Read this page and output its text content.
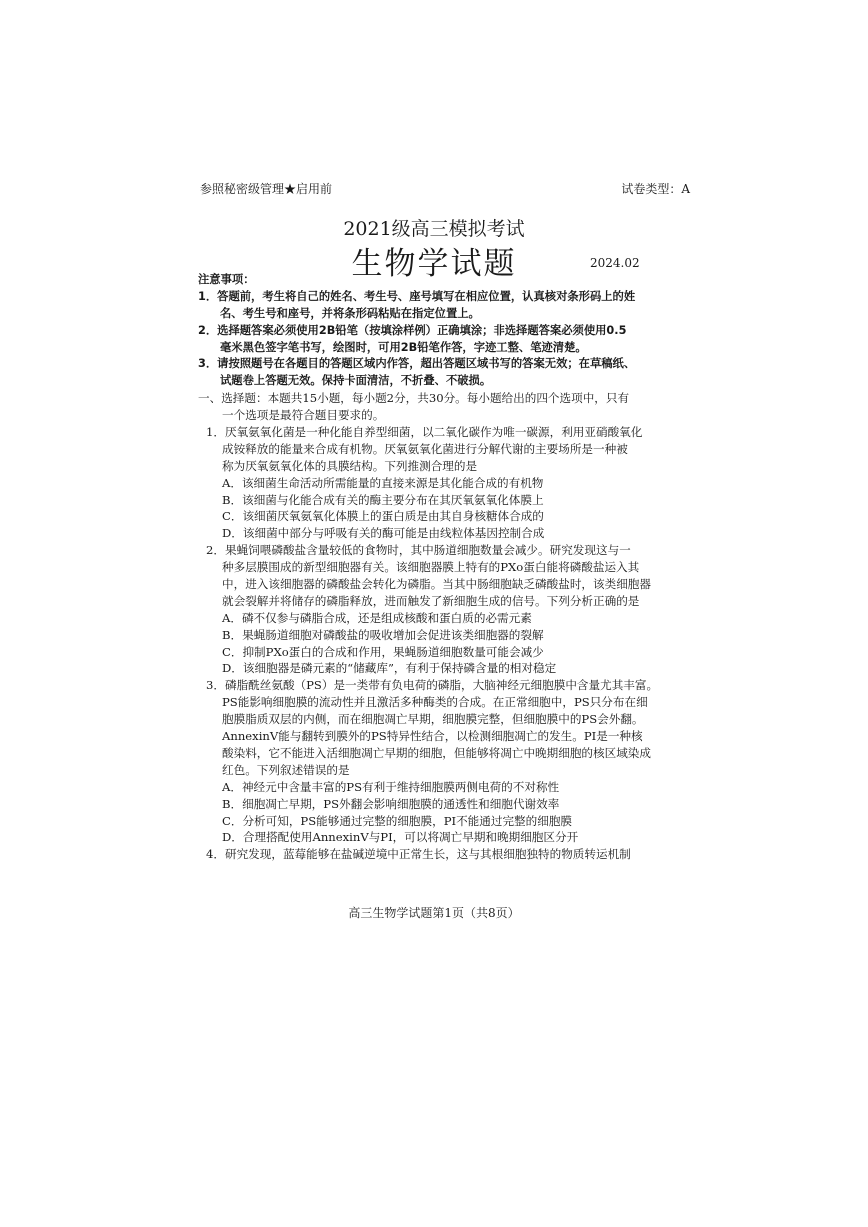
参照秘密级管理★启用前	试卷类型：A
2021级高三模拟考试
生物学试题	2024.02
注意事项：
1．答题前，考生将自己的姓名、考生号、座号填写在相应位置，认真核对条形码上的姓
名、考生号和座号，并将条形码粘贴在指定位置上。
2．选择题答案必须使用2B铅笔（按填涂样例）正确填涂；非选择题答案必须使用0.5
毫米黑色签字笔书写，绘图时，可用2B铅笔作答，字迹工整、笔迹清楚。
3．请按照题号在各题目的答题区域内作答，超出答题区域书写的答案无效；在草稿纸、
试题卷上答题无效。保持卡面清洁，不折叠、不破损。
一、选择题：本题共15小题，每小题2分，共30分。每小题给出的四个选项中，只有
一个选项是最符合题目要求的。
1．厌氧氨氧化菌是一种化能自养型细菌，以二氧化碳作为唯一碳源，利用亚硝酸氧化
成铵释放的能量来合成有机物。厌氧氨氧化菌进行分解代谢的主要场所是一种被
称为厌氧氨氧化体的具膜结构。下列推测合理的是
A．该细菌生命活动所需能量的直接来源是其化能合成的有机物
B．该细菌与化能合成有关的酶主要分布在其厌氧氨氧化体膜上
C．该细菌厌氧氨氧化体膜上的蛋白质是由其自身核糖体合成的
D．该细菌中部分与呼吸有关的酶可能是由线粒体基因控制合成
2．果蝇饲喂磷酸盐含量较低的食物时，其中肠道细胞数量会减少。研究发现这与一
种多层膜围成的新型细胞器有关。该细胞器膜上特有的PXo蛋白能将磷酸盐运入其
中，进入该细胞器的磷酸盐会转化为磷脂。当其中肠细胞缺乏磷酸盐时，该类细胞器
就会裂解并将储存的磷脂释放，进而触发了新细胞生成的信号。下列分析正确的是
A．磷不仅参与磷脂合成，还是组成核酸和蛋白质的必需元素
B．果蝇肠道细胞对磷酸盐的吸收增加会促进该类细胞器的裂解
C．抑制PXo蛋白的合成和作用，果蝇肠道细胞数量可能会减少
D．该细胞器是磷元素的“储藏库”，有利于保持磷含量的相对稳定
3．磷脂酰丝氨酸（PS）是一类带有负电荷的磷脂，大脑神经元细胞膜中含量尤其丰富。
PS能影响细胞膜的流动性并且激活多种酶类的合成。在正常细胞中，PS只分布在细
胞膜脂质双层的内侧，而在细胞凋亡早期，细胞膜完整，但细胞膜中的PS会外翻。
AnnexinⅤ能与翻转到膜外的PS特异性结合，以检测细胞凋亡的发生。PI是一种核
酸染料，它不能进入活细胞凋亡早期的细胞，但能够将凋亡中晚期细胞的核区域染成
红色。下列叙述错误的是
A．神经元中含量丰富的PS有利于维持细胞膜两侧电荷的不对称性
B．细胞凋亡早期，PS外翻会影响细胞膜的通透性和细胞代谢效率
C．分析可知，PS能够通过完整的细胞膜，PI不能通过完整的细胞膜
D．合理搭配使用AnnexinⅤ与PI，可以将凋亡早期和晚期细胞区分开
4．研究发现，蓝莓能够在盐碱逆境中正常生长，这与其根细胞独特的物质转运机制
高三生物学试题第1页（共8页）
